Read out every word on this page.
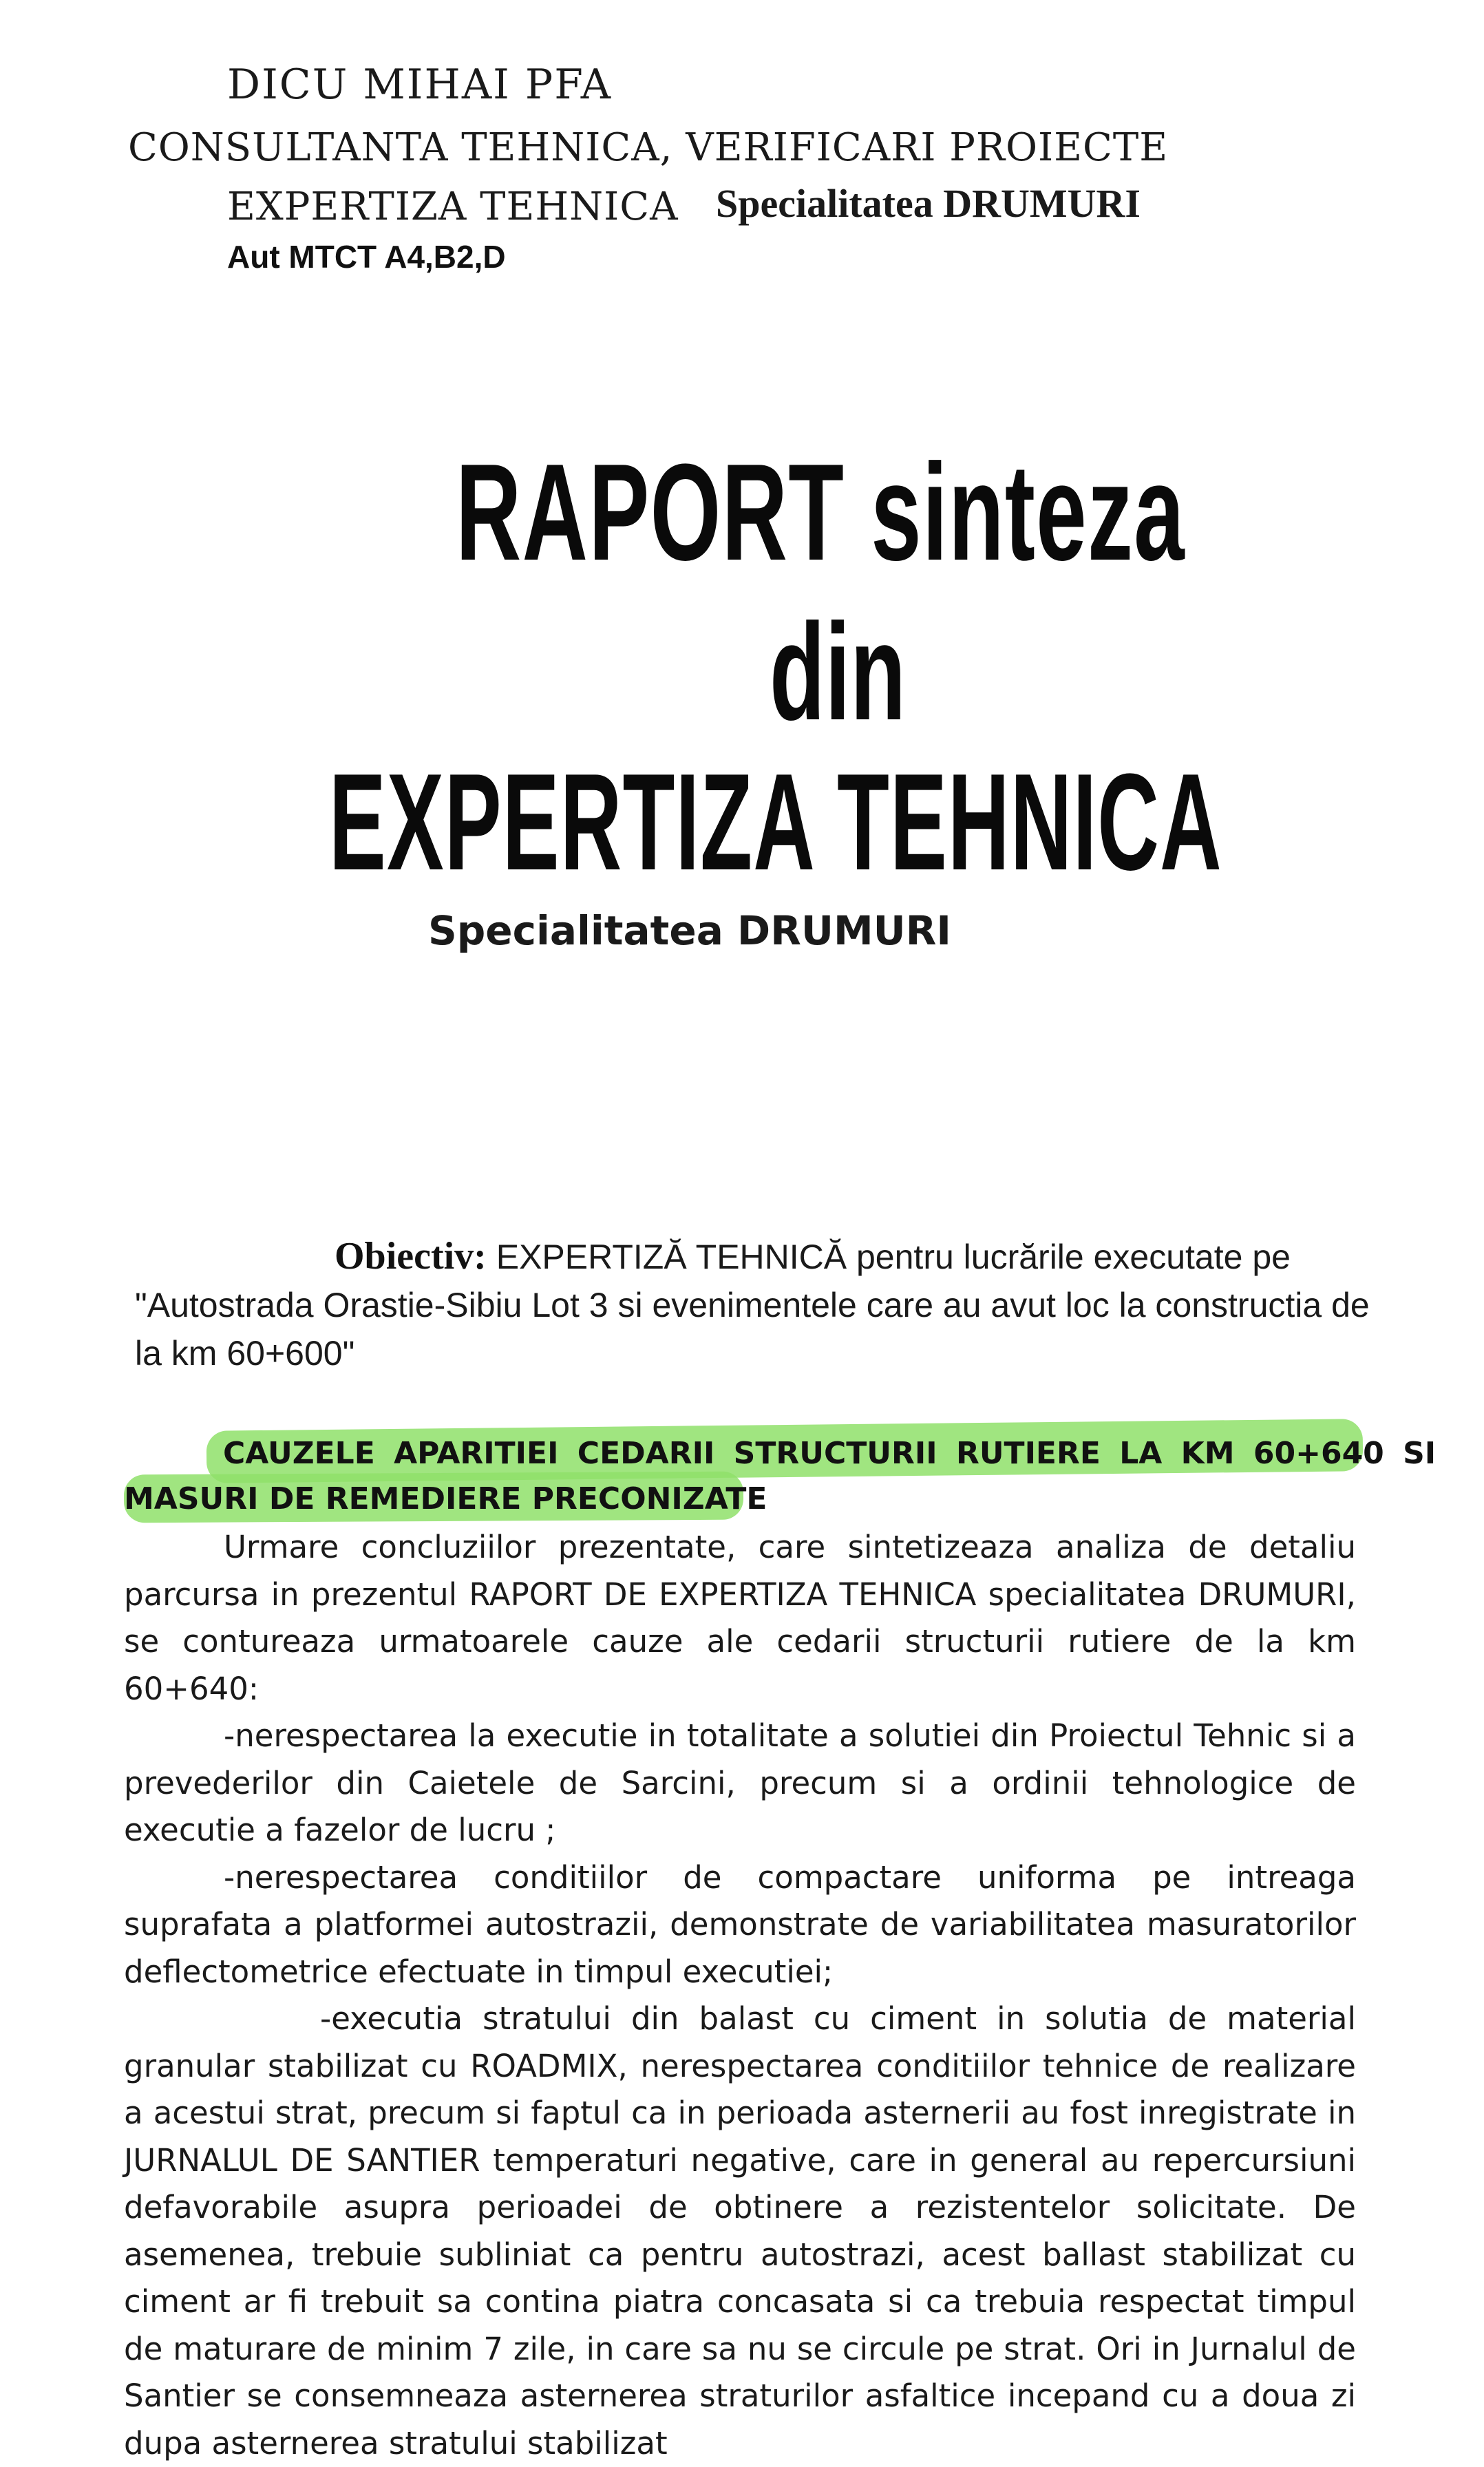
DICU MIHAI PFA
CONSULTANTA TEHNICA, VERIFICARI PROIECTE
EXPERTIZA TEHNICA Specialitatea DRUMURI
Aut MTCT A4,B2,D
RAPORT sinteza
din
EXPERTIZA TEHNICA
Specialitatea DRUMURI
Obiectiv: EXPERTIZĂ TEHNICĂ pentru lucrările executate pe "Autostrada Orastie-Sibiu Lot 3 si evenimentele care au avut loc la constructia de la km 60+600"
CAUZELE APARITIEI CEDARII STRUCTURII RUTIERE LA KM 60+640 SI
MASURI DE REMEDIERE PRECONIZATE

Urmare concluziilor prezentate, care sintetizeaza analiza de detaliu parcursa in prezentul RAPORT DE EXPERTIZA TEHNICA specialitatea DRUMURI, se contureaza urmatoarele cauze ale cedarii structurii rutiere de la km 60+640:

-nerespectarea la executie in totalitate a solutiei din Proiectul Tehnic si a prevederilor din Caietele de Sarcini, precum si a ordinii tehnologice de executie a fazelor de lucru ;

-nerespectarea conditiilor de compactare uniforma pe intreaga suprafata a platformei autostrazii, demonstrate de variabilitatea masuratorilor deflectometrice efectuate in timpul executiei;

-executia stratului din balast cu ciment in solutia de material granular stabilizat cu ROADMIX, nerespectarea conditiilor tehnice de realizare a acestui strat, precum si faptul ca in perioada asternerii au fost inregistrate in JURNALUL DE SANTIER temperaturi negative, care in general au repercursiuni defavorabile asupra perioadei de obtinere a rezistentelor solicitate. De asemenea, trebuie subliniat ca pentru autostrazi, acest ballast stabilizat cu ciment ar fi trebuit sa contina piatra concasata si ca trebuia respectat timpul de maturare de minim 7 zile, in care sa nu se circule pe strat. Ori in Jurnalul de Santier se consemneaza asternerea straturilor asfaltice incepand cu a doua zi dupa asternerea stratului stabilizat
